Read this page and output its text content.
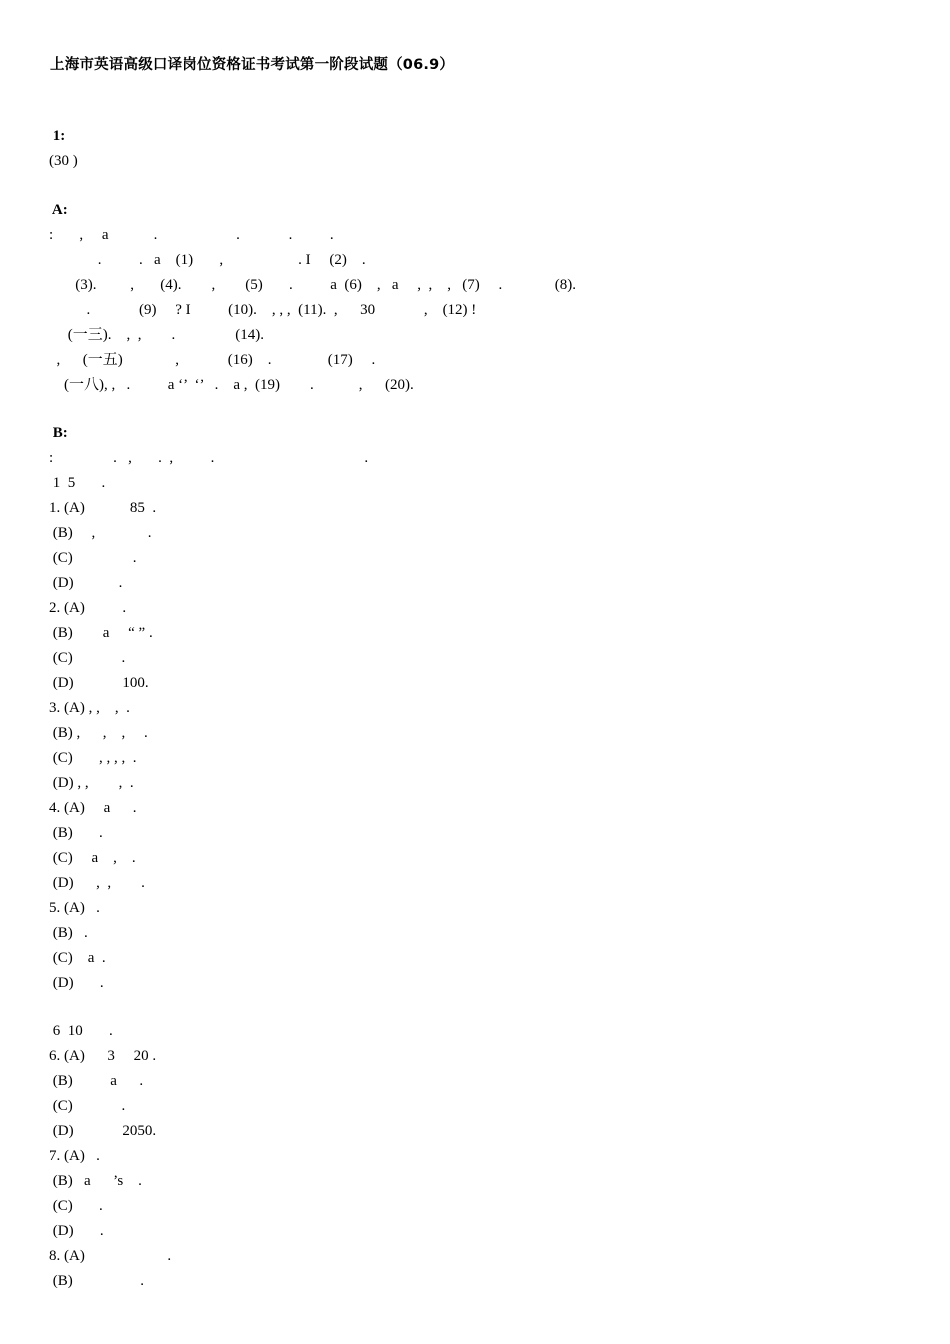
上海市英语高级口译岗位资格证书考试第一阶段试题（06.9）
1:
(30 )
A:
:       ,     a            .                     .             .          .
.          .   a    (1)       ,                    . I     (2)    .
(3).         ,       (4).        ,        (5)       .          a  (6)    ,   a     ,  ,    ,   (7)     .              (8).
.             (9)     ? I          (10).    , , ,  (11).  ,      30             ,    (12) !
(一三).    ,  ,        .                (14).
,      (一五)              ,             (16)    .               (17)     .
(一八), ,   .          a ‘’  ‘’   .    a ,  (19)        .            ,      (20).
B:
:                .   ,       .  ,          .                                        .
1  5       .
1. (A)            85  .
(B)     ,              .
(C)                .
(D)            .
2. (A)          .
(B)        a     “ ” .
(C)             .
(D)             100.
3. (A) , ,    ,  .
(B) ,      ,    ,     .
(C)       , , , ,  .
(D) , ,        ,  .
4. (A)     a      .
(B)       .
(C)     a    ,    .
(D)      ,  ,        .
5. (A)   .
(B)   .
(C)    a  .
(D)       .
6  10       .
6. (A)      3     20 .
(B)          a      .
(C)             .
(D)             2050.
7. (A)   .
(B)   a      ’s    .
(C)       .
(D)       .
8. (A)                      .
(B)                  .
